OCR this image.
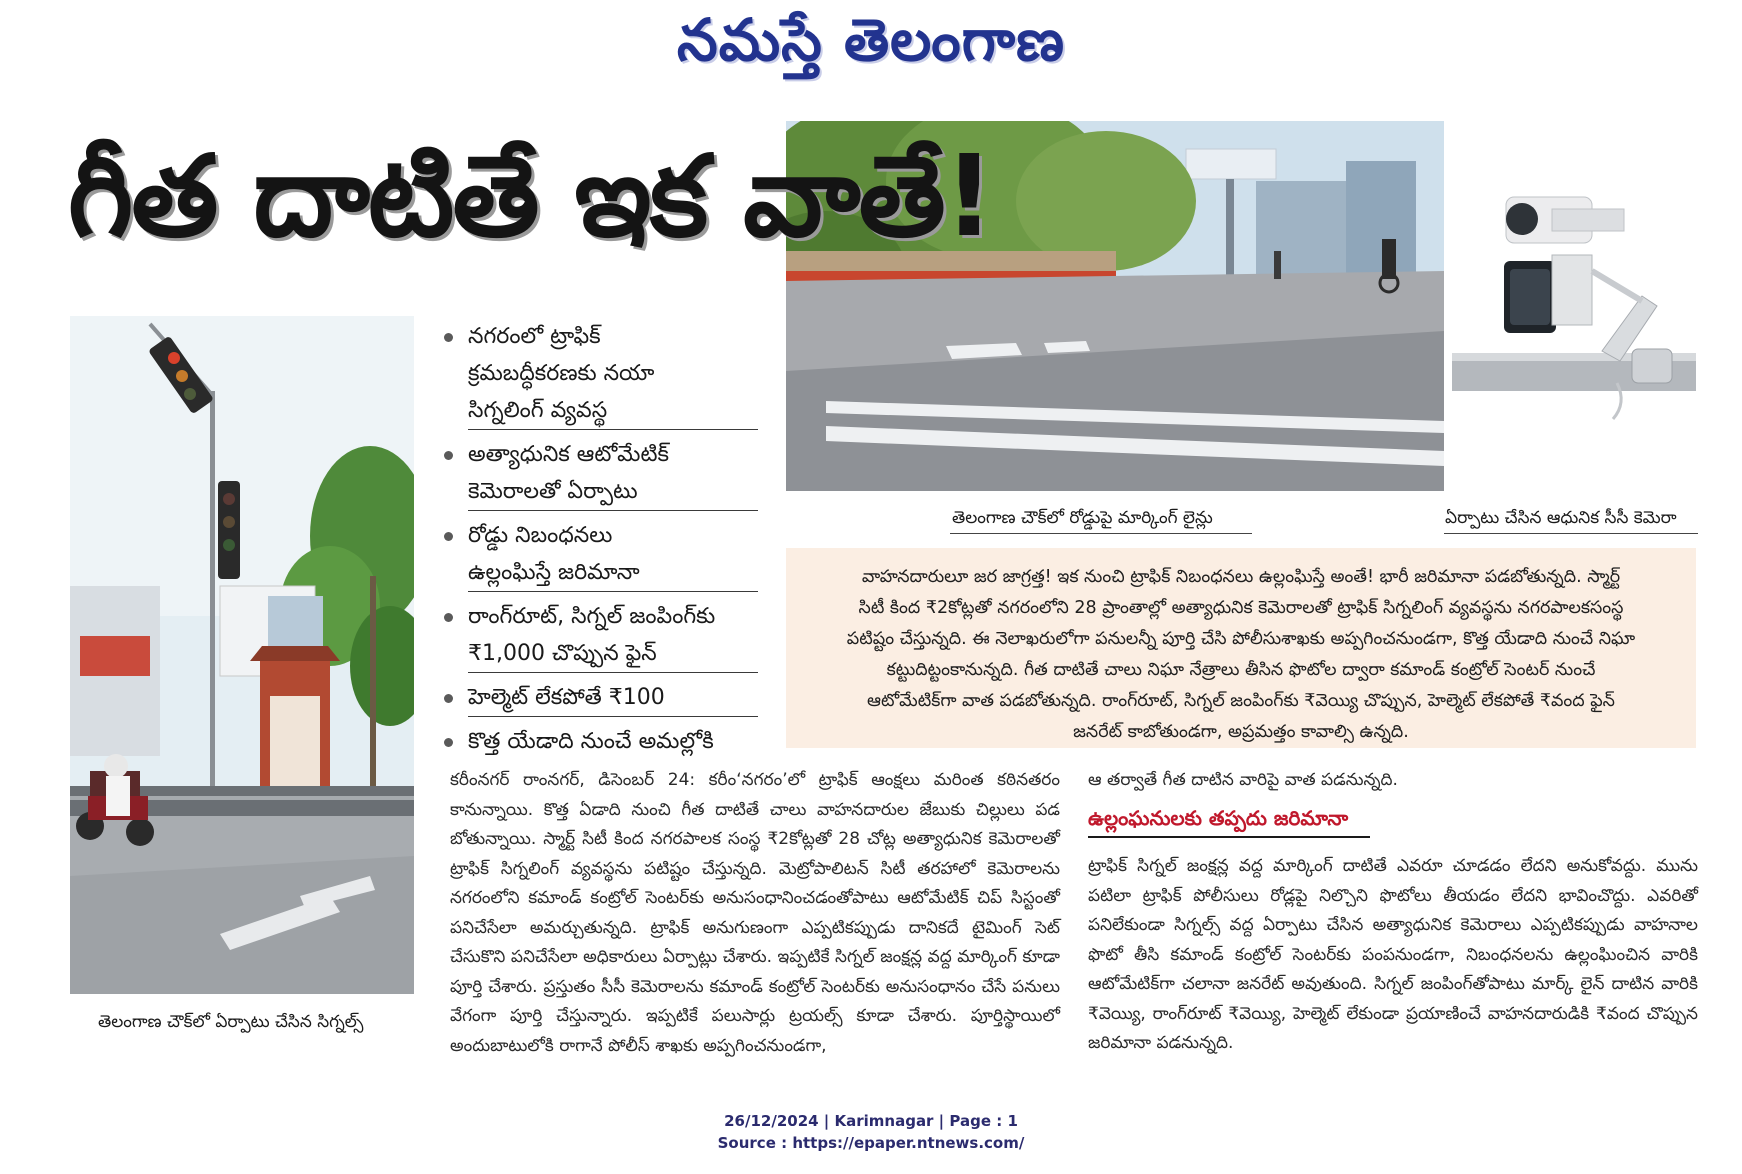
నమస్తే తెలంగాణ
గీత దాటితే ఇక వాతే!
తెలంగాణ చౌక్‌లో రోడ్డుపై మార్కింగ్ లైన్లు	ఏర్పాటు చేసిన ఆధునిక సీసీ కెమెరా
తెలంగాణ చౌక్‌లో ఏర్పాటు చేసిన సిగ్నల్స్
నగరంలో ట్రాఫిక్
క్రమబద్ధీకరణకు నయా
సిగ్నలింగ్ వ్యవస్థ
అత్యాధునిక ఆటోమేటిక్
కెమెరాలతో ఏర్పాటు
రోడ్డు నిబంధనలు
ఉల్లంఘిస్తే జరిమానా
రాంగ్‌రూట్, సిగ్నల్ జంపింగ్‌కు
₹1,000 చొప్పున ఫైన్
హెల్మెట్ లేకపోతే ₹100
కొత్త యేడాది నుంచే అమల్లోకి

వాహనదారులూ జర జాగ్రత్త! ఇక నుంచి ట్రాఫిక్ నిబంధనలు ఉల్లంఘిస్తే అంతే! భారీ జరిమానా పడబోతున్నది. స్మార్ట్

సిటీ కింద ₹2కోట్లతో నగరంలోని 28 ప్రాంతాల్లో అత్యాధునిక కెమెరాలతో ట్రాఫిక్ సిగ్నలింగ్ వ్యవస్థను నగరపాలకసంస్థ

పటిష్టం చేస్తున్నది. ఈ నెలాఖరులోగా పనులన్నీ పూర్తి చేసి పోలీసుశాఖకు అప్పగించనుండగా, కొత్త యేడాది నుంచే నిఘా

కట్టుదిట్టంకానున్నది. గీత దాటితే చాలు నిఘా నేత్రాలు తీసిన ఫొటోల ద్వారా కమాండ్ కంట్రోల్ సెంటర్ నుంచే

ఆటోమేటిక్‌గా వాత పడబోతున్నది. రాంగ్‌రూట్, సిగ్నల్ జంపింగ్‌కు ₹వెయ్యి చొప్పున, హెల్మెట్ లేకపోతే ₹వంద ఫైన్

జనరేట్ కాబోతుండగా, అప్రమత్తం కావాల్సి ఉన్నది.

కరీంనగర్ రాంనగర్, డిసెంబర్ 24: కరీం‘నగరం’లో ట్రాఫిక్ ఆంక్షలు మరింత కఠినతరం కానున్నాయి. కొత్త ఏడాది నుంచి గీత దాటితే చాలు వాహనదారుల జేబుకు చిల్లులు పడ బోతున్నాయి. స్మార్ట్ సిటీ కింద నగరపాలక సంస్థ ₹2కోట్లతో 28 చోట్ల అత్యాధునిక కెమెరాలతో ట్రాఫిక్ సిగ్నలింగ్ వ్యవస్థను పటిష్టం చేస్తున్నది. మెట్రోపాలిటన్ సిటీ తరహాలో కెమెరాలను నగరంలోని కమాండ్ కంట్రోల్ సెంటర్‌కు అనుసంధానించడంతోపాటు ఆటోమేటిక్ చిప్ సిస్టంతో పనిచేసేలా అమర్చుతున్నది. ట్రాఫిక్ అనుగుణంగా ఎప్పటికప్పుడు దానికదే టైమింగ్ సెట్ చేసుకొని పనిచేసేలా అధికారులు ఏర్పాట్లు చేశారు. ఇప్పటికే సిగ్నల్ జంక్షన్ల వద్ద మార్కింగ్ కూడా పూర్తి చేశారు. ప్రస్తుతం సీసీ కెమెరాలను కమాండ్ కంట్రోల్ సెంటర్‌కు అనుసంధానం చేసే పనులు వేగంగా పూర్తి చేస్తున్నారు. ఇప్పటికే పలుసార్లు ట్రయల్స్ కూడా చేశారు. పూర్తిస్థాయిలో అందుబాటులోకి రాగానే పోలీస్ శాఖకు అప్పగించనుండగా,

ఆ తర్వాతే గీత దాటిన వారిపై వాత పడనున్నది.

ఉల్లంఘనులకు తప్పదు జరిమానా

ట్రాఫిక్ సిగ్నల్ జంక్షన్ల వద్ద మార్కింగ్ దాటితే ఎవరూ చూడడం లేదని అనుకోవద్దు. మును పటిలా ట్రాఫిక్ పోలీసులు రోడ్లపై నిల్చొని ఫొటోలు తీయడం లేదని భావించొద్దు. ఎవరితో పనిలేకుండా సిగ్నల్స్ వద్ద ఏర్పాటు చేసిన అత్యాధునిక కెమెరాలు ఎప్పటికప్పుడు వాహనాల ఫొటో తీసి కమాండ్ కంట్రోల్ సెంటర్‌కు పంపనుండగా, నిబంధనలను ఉల్లంఘించిన వారికి ఆటోమేటిక్‌గా చలానా జనరేట్ అవుతుంది. సిగ్నల్ జంపింగ్‌తోపాటు మార్క్ లైన్ దాటిన వారికి ₹వెయ్యి, రాంగ్‌రూట్ ₹వెయ్యి, హెల్మెట్ లేకుండా ప్రయాణించే వాహనదారుడికి ₹వంద చొప్పున జరిమానా పడనున్నది.

26/12/2024 | Karimnagar | Page : 1
Source : https://epaper.ntnews.com/
